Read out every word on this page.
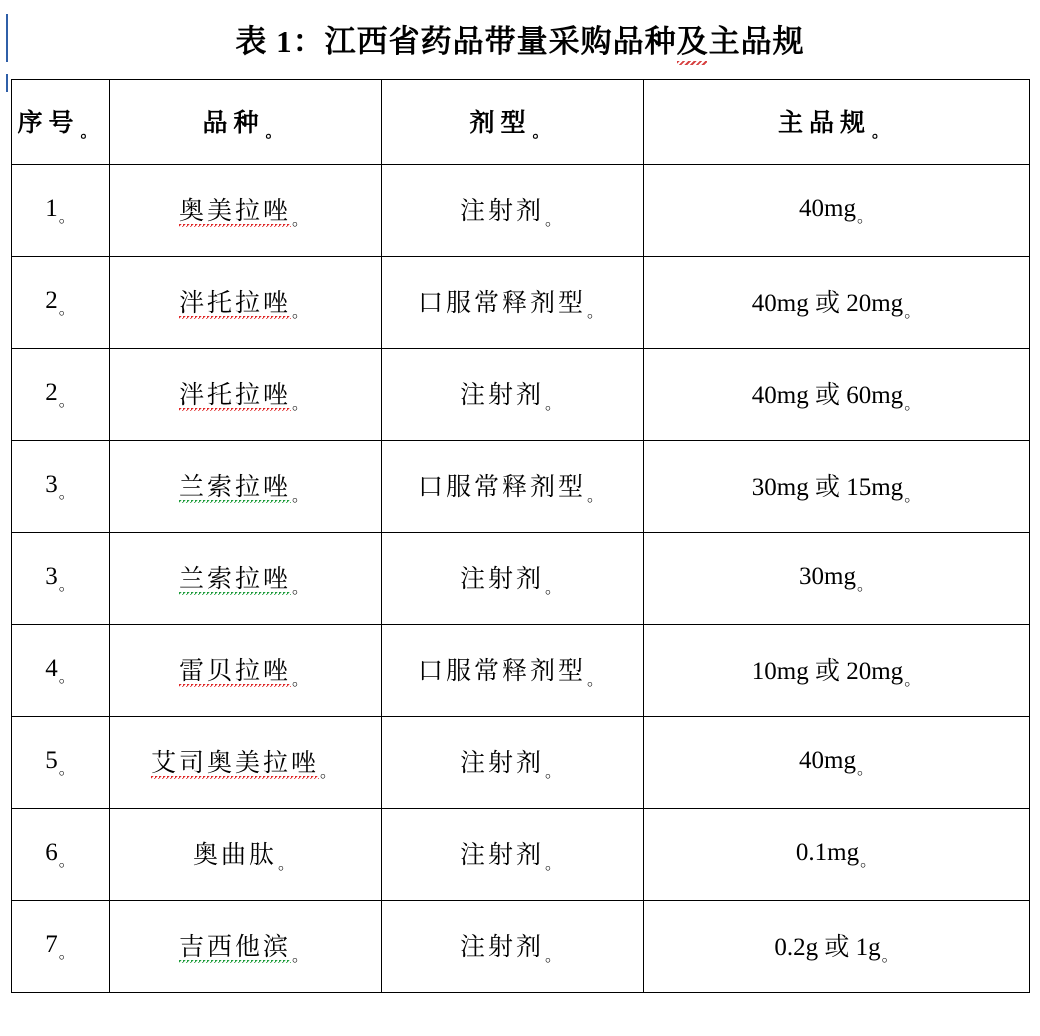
表 1：江西省药品带量采购品种及主品规
序号$_。$	品种$_。$	剂型$_。$	主品规$_。$
$1_。$	奥美拉唑$_。$	注射剂$_。$	$40mg_。$
$2_。$	泮托拉唑$_。$	口服常释剂型$_。$	40mg 或 $20mg_。$
$2_。$	泮托拉唑$_。$	注射剂$_。$	40mg 或 $60mg_。$
$3_。$	兰索拉唑$_。$	口服常释剂型$_。$	30mg 或 $15mg_。$
$3_。$	兰索拉唑$_。$	注射剂$_。$	$30mg_。$
$4_。$	雷贝拉唑$_。$	口服常释剂型$_。$	10mg 或 $20mg_。$
$5_。$	艾司奥美拉唑$_。$	注射剂$_。$	$40mg_。$
$6_。$	奥曲肽$_。$	注射剂$_。$	$0.1mg_。$
$7_。$	吉西他滨$_。$	注射剂$_。$	0.2g 或 $1g_。$
